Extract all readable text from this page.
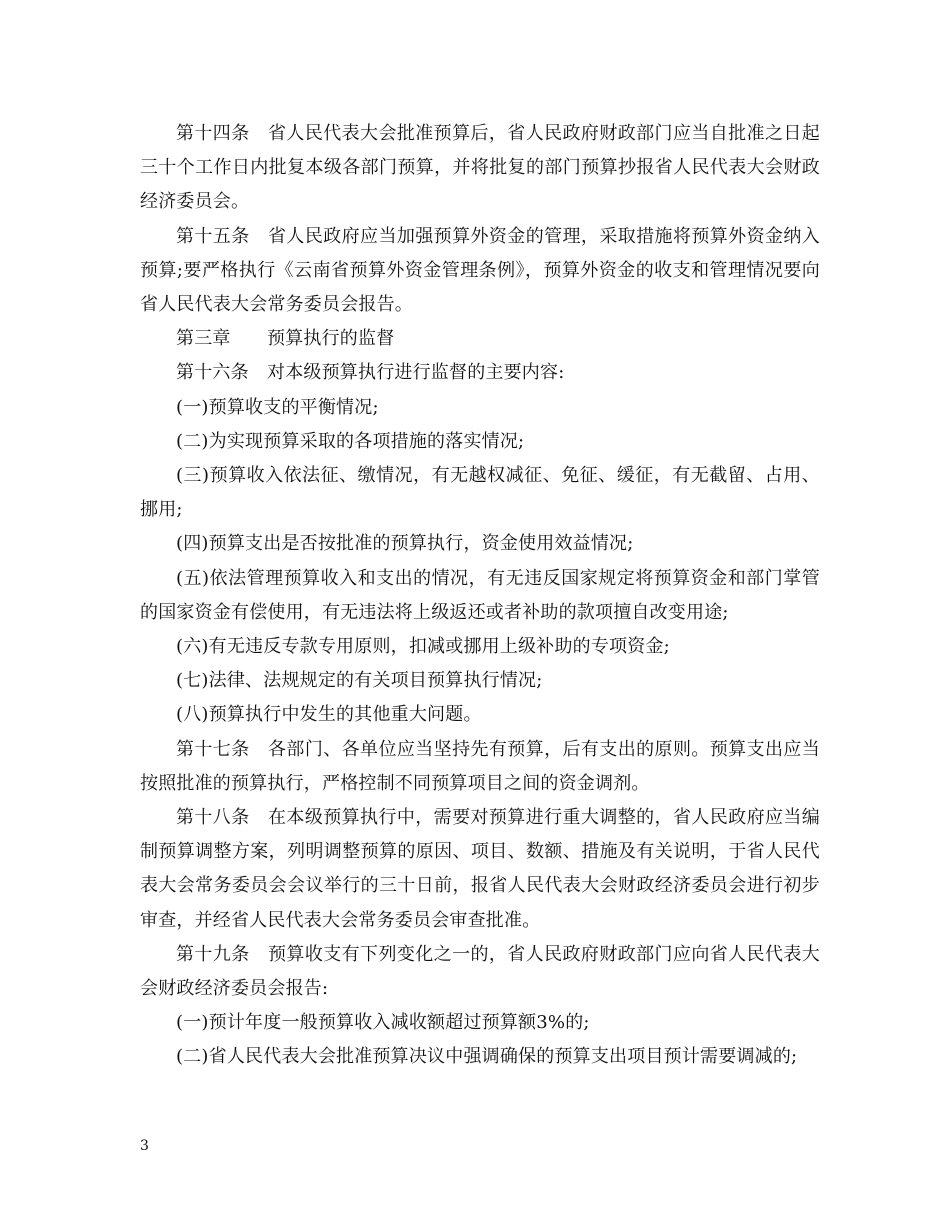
第十四条　省人民代表大会批准预算后，省人民政府财政部门应当自批准之日起三十个工作日内批复本级各部门预算，并将批复的部门预算抄报省人民代表大会财政经济委员会。

第十五条　省人民政府应当加强预算外资金的管理，采取措施将预算外资金纳入预算;要严格执行《云南省预算外资金管理条例》，预算外资金的收支和管理情况要向省人民代表大会常务委员会报告。

第三章　　预算执行的监督

第十六条　对本级预算执行进行监督的主要内容:

(一)预算收支的平衡情况;

(二)为实现预算采取的各项措施的落实情况;

(三)预算收入依法征、缴情况，有无越权减征、免征、缓征，有无截留、占用、挪用;

(四)预算支出是否按批准的预算执行，资金使用效益情况;

(五)依法管理预算收入和支出的情况，有无违反国家规定将预算资金和部门掌管的国家资金有偿使用，有无违法将上级返还或者补助的款项擅自改变用途;

(六)有无违反专款专用原则，扣减或挪用上级补助的专项资金;

(七)法律、法规规定的有关项目预算执行情况;

(八)预算执行中发生的其他重大问题。

第十七条　各部门、各单位应当坚持先有预算，后有支出的原则。预算支出应当按照批准的预算执行，严格控制不同预算项目之间的资金调剂。

第十八条　在本级预算执行中，需要对预算进行重大调整的，省人民政府应当编制预算调整方案，列明调整预算的原因、项目、数额、措施及有关说明，于省人民代表大会常务委员会会议举行的三十日前，报省人民代表大会财政经济委员会进行初步审查，并经省人民代表大会常务委员会审查批准。

第十九条　预算收支有下列变化之一的，省人民政府财政部门应向省人民代表大会财政经济委员会报告:

(一)预计年度一般预算收入减收额超过预算额3%的;

(二)省人民代表大会批准预算决议中强调确保的预算支出项目预计需要调减的;

3
